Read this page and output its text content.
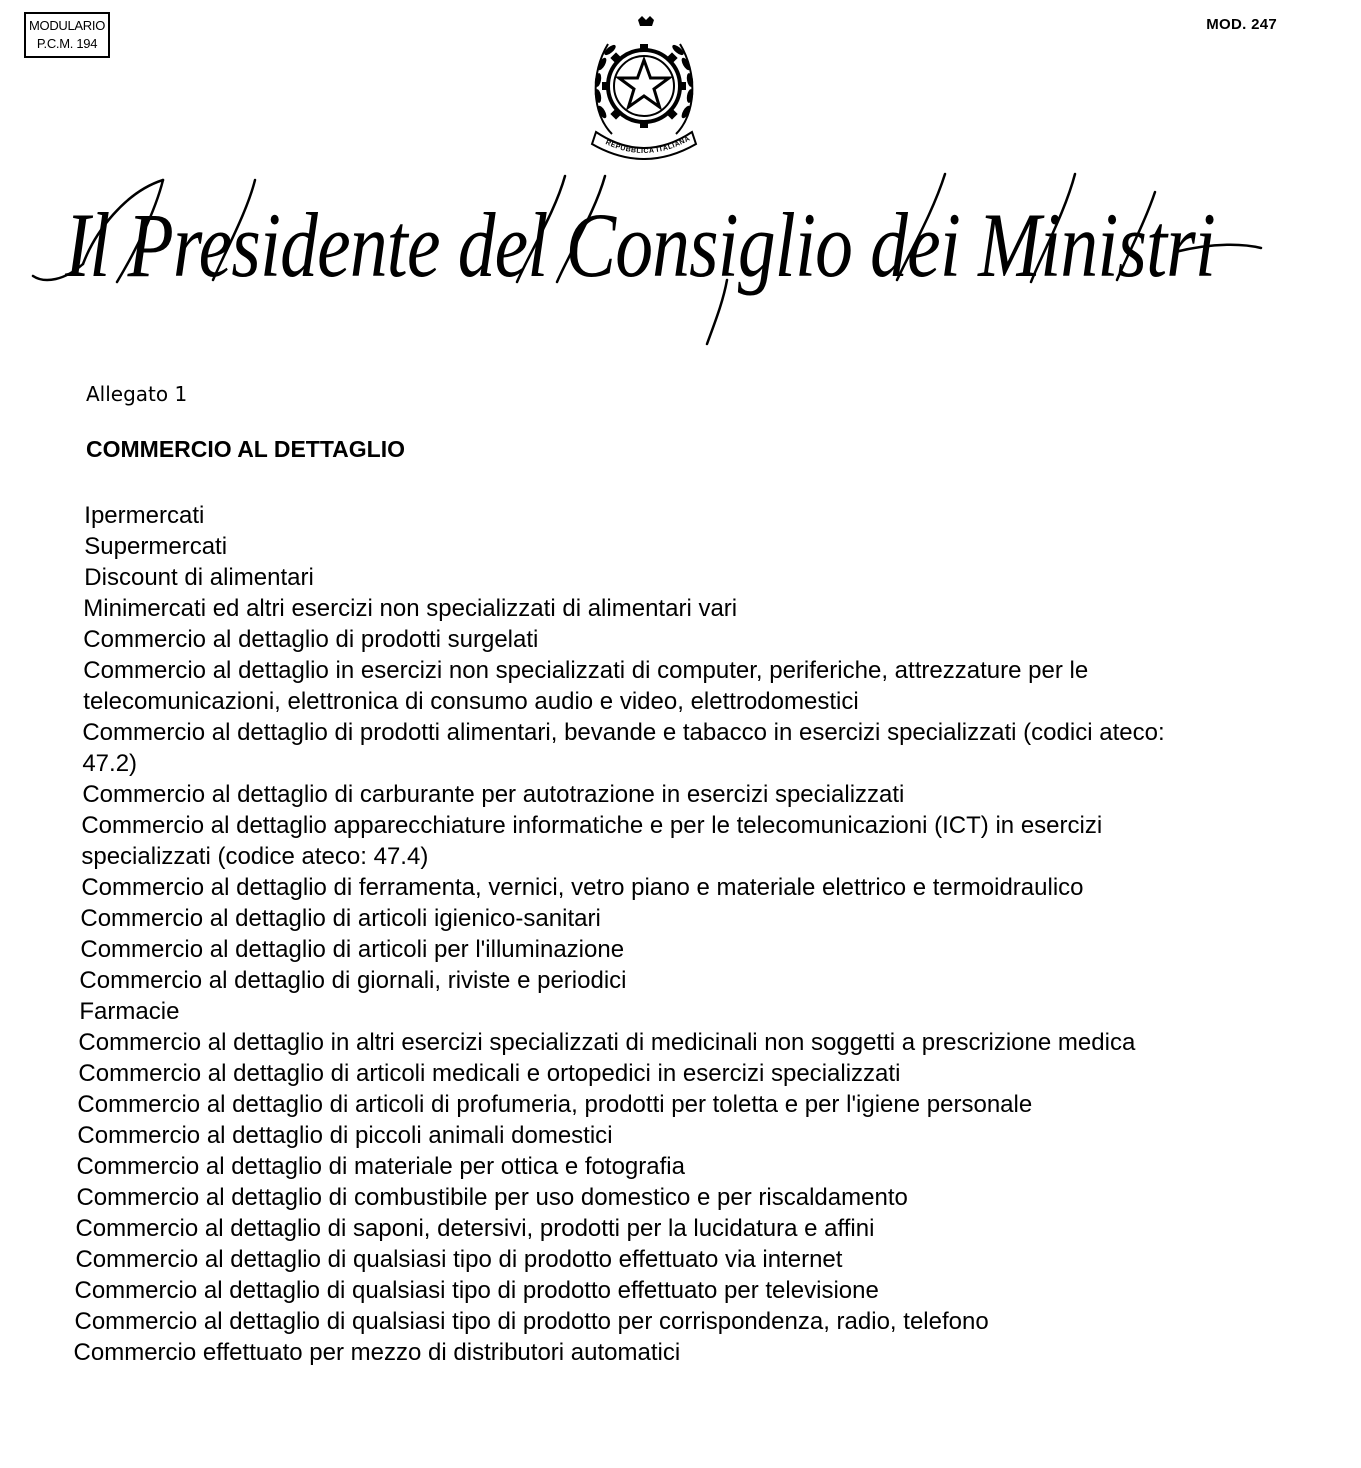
MODULARIO
P.C.M. 194
MOD. 247
REPUBBLICA ITALIANA
Il Presidente del Consiglio dei Ministri
Allegato 1
COMMERCIO AL DETTAGLIO
Ipermercati
Supermercati
Discount di alimentari
Minimercati ed altri esercizi non specializzati di alimentari vari
Commercio al dettaglio di prodotti surgelati
Commercio al dettaglio in esercizi non specializzati di computer, periferiche, attrezzature per le telecomunicazioni, elettronica di consumo audio e video, elettrodomestici
Commercio al dettaglio di prodotti alimentari, bevande e tabacco in esercizi specializzati (codici ateco: 47.2)
Commercio al dettaglio di carburante per autotrazione in esercizi specializzati
Commercio al dettaglio apparecchiature informatiche e per le telecomunicazioni (ICT) in esercizi specializzati (codice ateco: 47.4)
Commercio al dettaglio di ferramenta, vernici, vetro piano e materiale elettrico e termoidraulico
Commercio al dettaglio di articoli igienico-sanitari
Commercio al dettaglio di articoli per l'illuminazione
Commercio al dettaglio di giornali, riviste e periodici
Farmacie
Commercio al dettaglio in altri esercizi specializzati di medicinali non soggetti a prescrizione medica
Commercio al dettaglio di articoli medicali e ortopedici in esercizi specializzati
Commercio al dettaglio di articoli di profumeria, prodotti per toletta e per l'igiene personale
Commercio al dettaglio di piccoli animali domestici
Commercio al dettaglio di materiale per ottica e fotografia
Commercio al dettaglio di combustibile per uso domestico e per riscaldamento
Commercio al dettaglio di saponi, detersivi, prodotti per la lucidatura e affini
Commercio al dettaglio di qualsiasi tipo di prodotto effettuato via internet
Commercio al dettaglio di qualsiasi tipo di prodotto effettuato per televisione
Commercio al dettaglio di qualsiasi tipo di prodotto per corrispondenza, radio, telefono
Commercio effettuato per mezzo di distributori automatici
